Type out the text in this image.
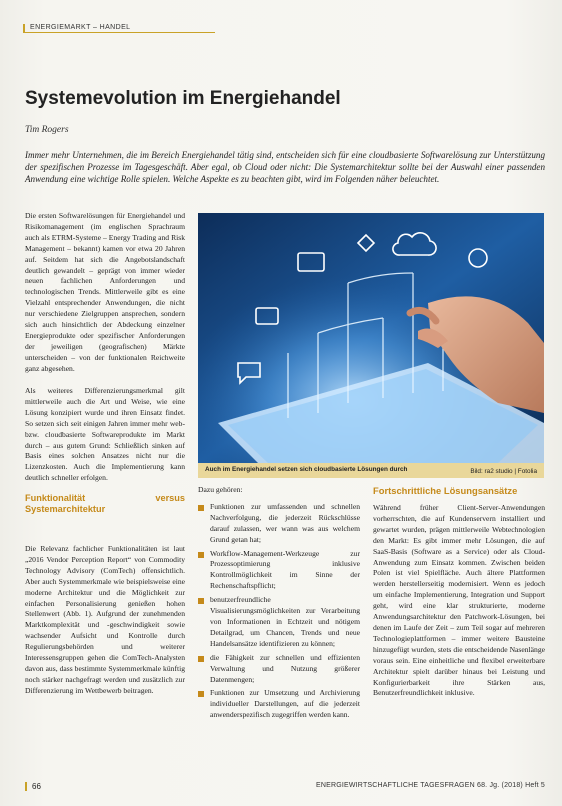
ENERGIEMARKT – HANDEL
Systemevolution im Energiehandel
Tim Rogers
Immer mehr Unternehmen, die im Bereich Energiehandel tätig sind, entscheiden sich für eine cloudbasierte Softwarelösung zur Unterstützung der spezifischen Prozesse im Tagesgeschäft. Aber egal, ob Cloud oder nicht: Die Systemarchitektur sollte bei der Auswahl einer passenden Anwendung eine wichtige Rolle spielen. Welche Aspekte es zu beachten gibt, wird im Folgenden näher beleuchtet.

Die ersten Softwarelösungen für Energiehandel und Risikomanagement (im englischen Sprachraum auch als ETRM-Systeme – Energy Trading and Risk Management – bekannt) kamen vor etwa 20 Jahren auf. Seitdem hat sich die Angebotslandschaft deutlich gewandelt – geprägt von immer wieder neuen fachlichen Anforderungen und technologischen Trends. Mittlerweile gibt es eine Vielzahl entsprechender Anwendungen, die nicht nur verschiedene Zielgruppen ansprechen, sondern sich auch hinsichtlich der Abdeckung einzelner Energieprodukte oder spezifischer Anforderungen der jeweiligen (geografischen) Märkte unterscheiden – von der funktionalen Reichweite ganz abgesehen.

Als weiteres Differenzierungsmerkmal gilt mittlerweile auch die Art und Weise, wie eine Lösung konzipiert wurde und ihren Einsatz findet. So setzen sich seit einigen Jahren immer mehr web- bzw. cloudbasierte Softwareprodukte im Markt durch – aus gutem Grund: Schließlich sinken auf Basis eines solchen Ansatzes nicht nur die Lizenzkosten. Auch die Implementierung kann deutlich schneller erfolgen.

Funktionalität versus Systemarchitektur

Die Relevanz fachlicher Funktionalitäten ist laut „2016 Vendor Perception Report“ von Commodity Technology Advisory (ComTech) offensichtlich. Aber auch Systemmerkmale wie beispielsweise eine moderne Architektur und die Möglichkeit zur einfachen Personalisierung genießen hohen Stellenwert (Abb. 1). Aufgrund der zunehmenden Marktkomplexität und -geschwindigkeit sowie wachsender Aufsicht und Kontrolle durch Regulierungsbehörden und weiterer Interessensgruppen gehen die ComTech-Analysten davon aus, dass bestimmte Systemmerkmale künftig noch stärker nachgefragt werden und zusätzlich zur Differenzierung im Wettbewerb beitragen.

Auch im Energiehandel setzen sich cloudbasierte Lösungen durch	Bild: ra2 studio | Fotolia

Dazu gehören:

Funktionen zur umfassenden und schnellen Nachverfolgung, die jederzeit Rückschlüsse darauf zulassen, wer wann was aus welchem Grund getan hat;
Workflow-Management-Werkzeuge zur Prozessoptimierung inklusive Kontrollmöglichkeit im Sinne der Rechenschaftspflicht;
benutzerfreundliche Visualisierungsmöglichkeiten zur Verarbeitung von Informationen in Echtzeit und nötigem Detailgrad, um Chancen, Trends und neue Handelsansätze identifizieren zu können;
die Fähigkeit zur schnellen und effizienten Verwaltung und Nutzung größerer Datenmengen;
Funktionen zur Umsetzung und Archivierung individueller Darstellungen, auf die jederzeit anwenderspezifisch zugegriffen werden kann.
Fortschrittliche Lösungsansätze

Während früher Client-Server-Anwendungen vorherrschten, die auf Kundenservern installiert und gewartet wurden, prägen mittlerweile Webtechnologien den Markt: Es gibt immer mehr Lösungen, die auf SaaS-Basis (Software as a Service) oder als Cloud-Anwendung zum Einsatz kommen. Zwischen beiden Polen ist viel Spielfläche. Auch ältere Plattformen werden herstellerseitig modernisiert. Wenn es jedoch um einfache Implementierung, Integration und Support geht, wird eine klar strukturierte, moderne Anwendungsarchitektur den Patchwork-Lösungen, bei denen im Laufe der Zeit – zum Teil sogar auf mehreren Technologieplattformen – immer weitere Bausteine hinzugefügt wurden, stets die entscheidende Nasenlänge voraus sein. Eine einheitliche und flexibel erweiterbare Architektur spielt darüber hinaus bei Leistung und Konfigurierbarkeit ihre Stärken aus, Benutzerfreundlichkeit inklusive.

66	ENERGIEWIRTSCHAFTLICHE TAGESFRAGEN 68. Jg. (2018) Heft 5
